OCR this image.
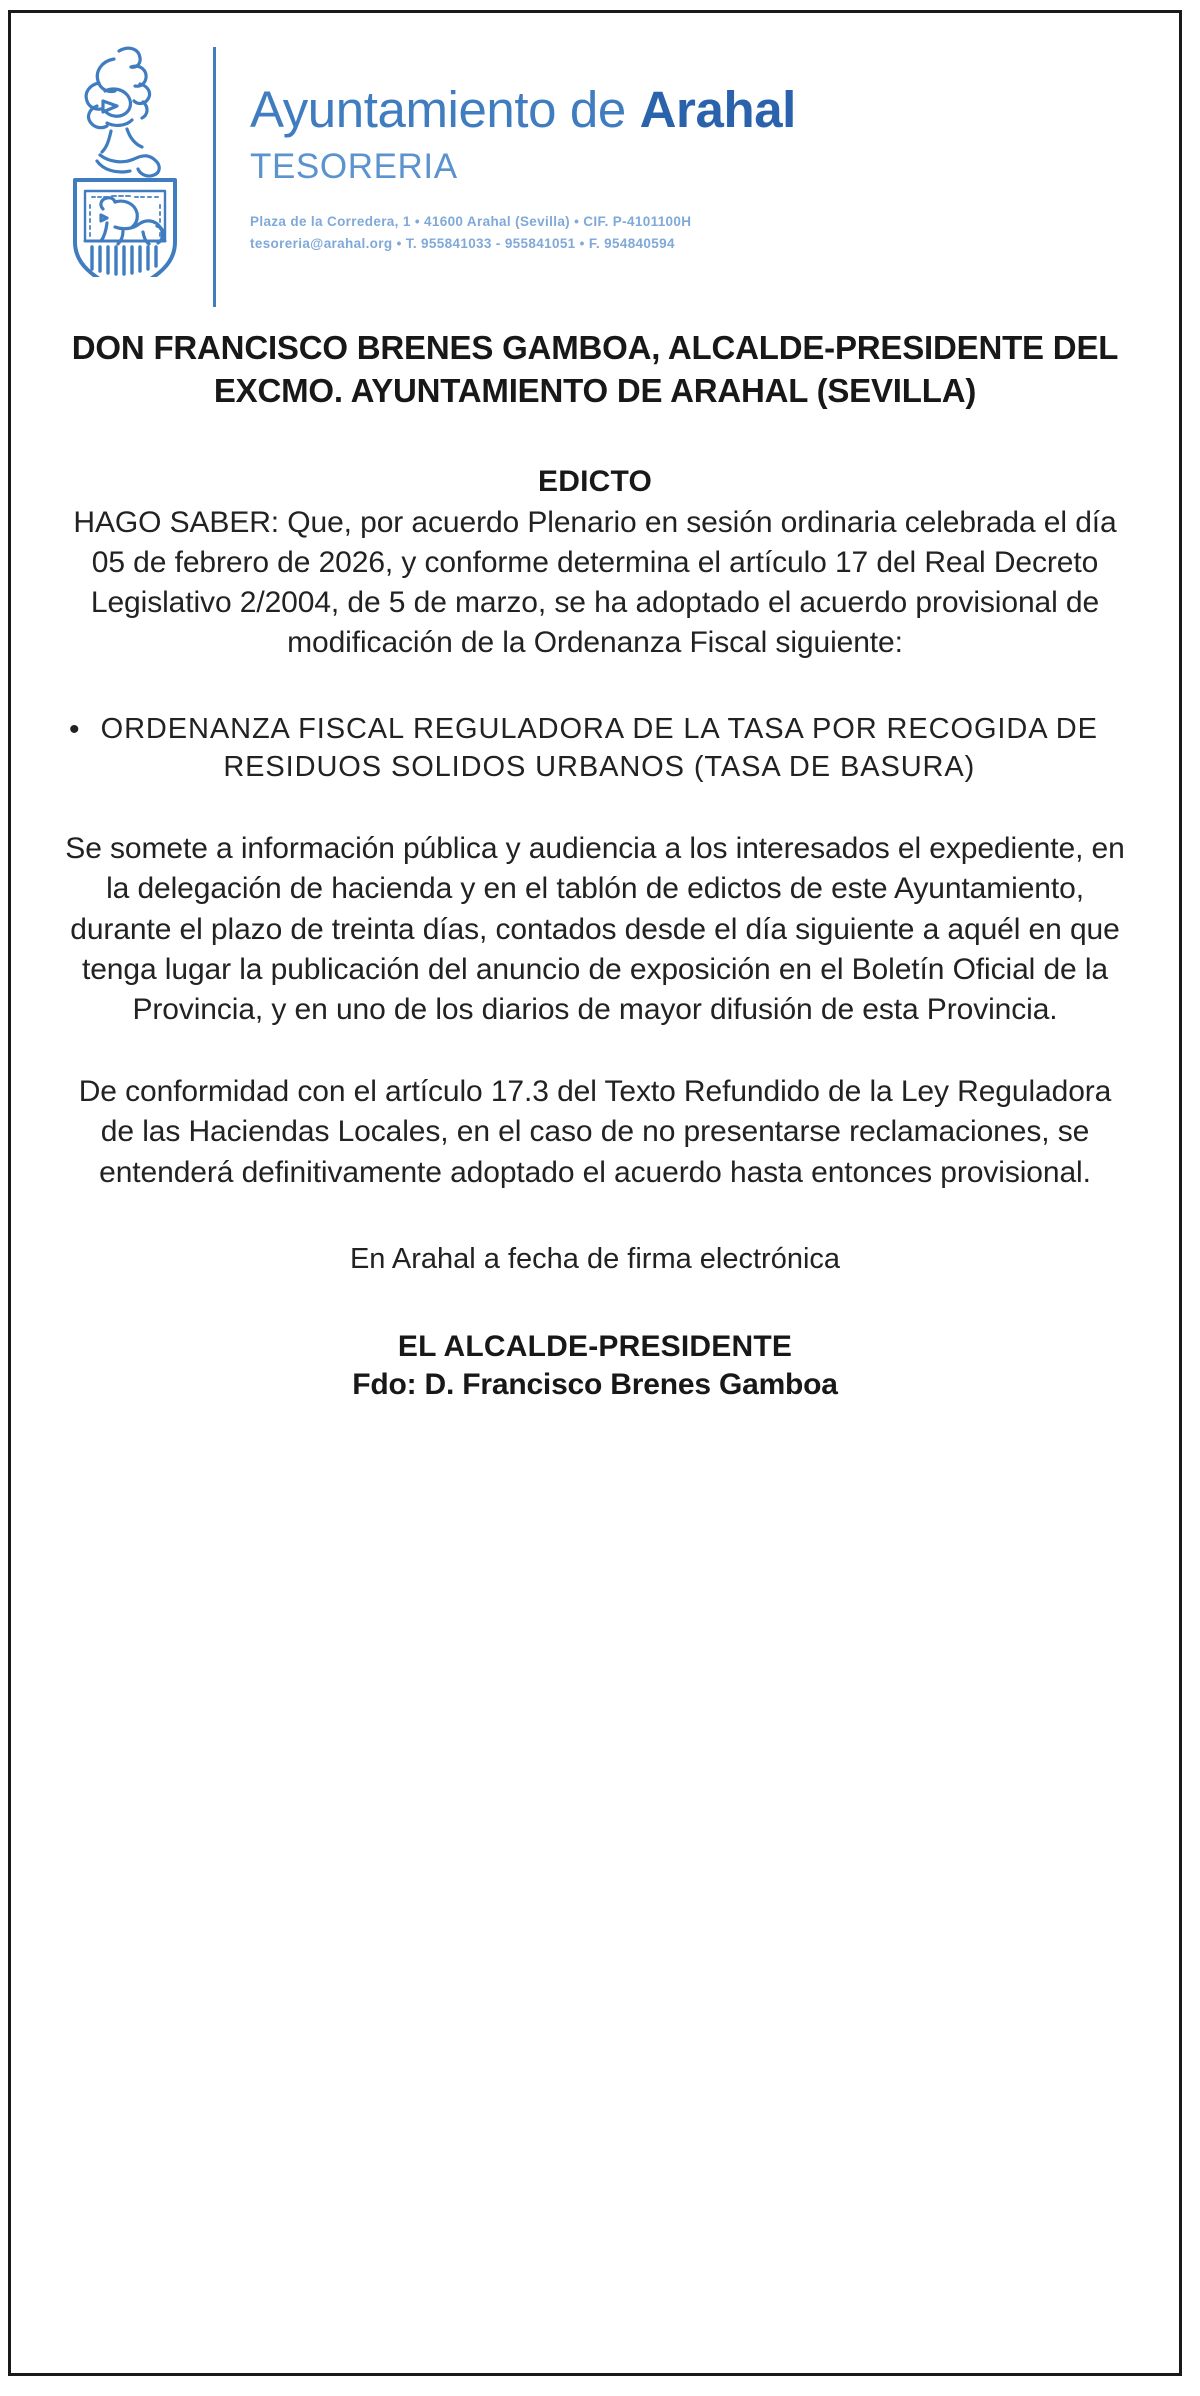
Ayuntamiento de Arahal
TESORERIA
Plaza de la Corredera, 1 • 41600 Arahal (Sevilla) • CIF. P-4101100H
tesoreria@arahal.org • T. 955841033 - 955841051 • F. 954840594
DON FRANCISCO BRENES GAMBOA, ALCALDE-PRESIDENTE DEL EXCMO. AYUNTAMIENTO DE ARAHAL (SEVILLA)
EDICTO
HAGO SABER: Que, por acuerdo Plenario en sesión ordinaria celebrada el día 05 de febrero de 2026, y conforme determina el artículo 17 del Real Decreto Legislativo 2/2004, de 5 de marzo, se ha adoptado el acuerdo provisional de modificación de la Ordenanza Fiscal siguiente:
• ORDENANZA FISCAL REGULADORA DE LA TASA POR RECOGIDA DE RESIDUOS SOLIDOS URBANOS (TASA DE BASURA)
Se somete a información pública y audiencia a los interesados el expediente, en la delegación de hacienda y en el tablón de edictos de este Ayuntamiento, durante el plazo de treinta días, contados desde el día siguiente a aquél en que tenga lugar la publicación del anuncio de exposición en el Boletín Oficial de la Provincia, y en uno de los diarios de mayor difusión de esta Provincia.
De conformidad con el artículo 17.3 del Texto Refundido de la Ley Reguladora de las Haciendas Locales, en el caso de no presentarse reclamaciones, se entenderá definitivamente adoptado el acuerdo hasta entonces provisional.
En Arahal a fecha de firma electrónica
EL ALCALDE-PRESIDENTE
Fdo: D. Francisco Brenes Gamboa
